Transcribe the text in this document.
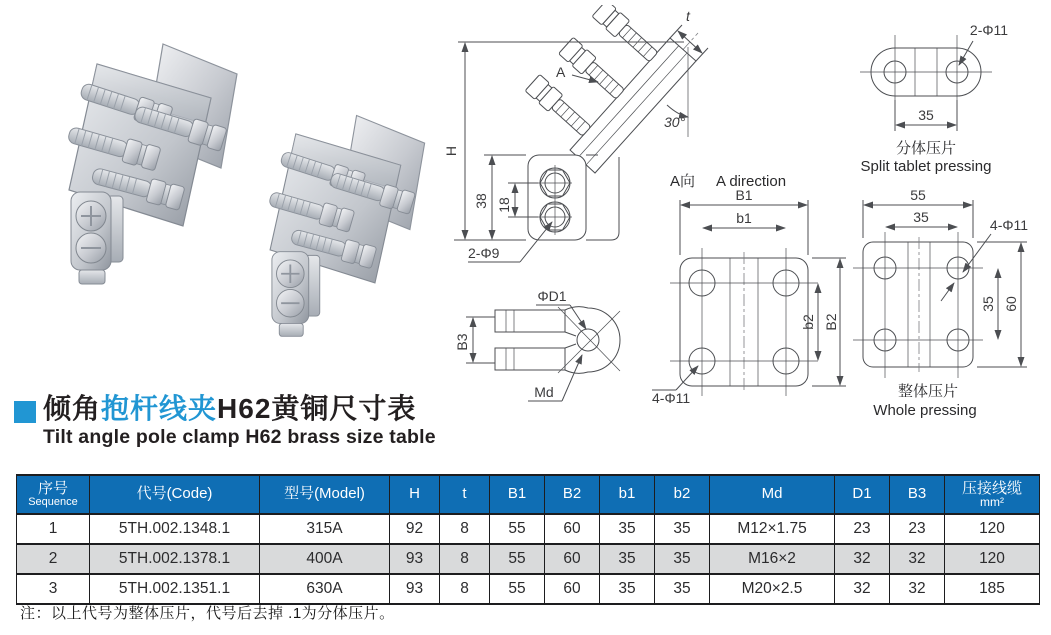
H
38 18
2-Φ9
A
t
30°
B3
ΦD1
Md
A向 A direction
B1
b1
b2 B2
4-Φ11
2-Φ11
35
分体压片
Split tablet pressing
55
35	4-Φ11
35 60
整体压片
Whole pressing
倾角抱杆线夹H62黄铜尺寸表
Tilt angle pole clamp H62 brass size table
序号
Sequence	代号(Code)	型号(Model)	H	t	B1	B2	b1	b2	Md	D1	B3	压接线缆
mm²

1	5TH.002.1348.1	315A	92	8	55	60	35	35	M12×1.75	23	23	120
2	5TH.002.1378.1	400A	93	8	55	60	35	35	M16×2	32	32	120
3	5TH.002.1351.1	630A	93	8	55	60	35	35	M20×2.5	32	32	185
注：以上代号为整体压片，代号后去掉 .1为分体压片。
